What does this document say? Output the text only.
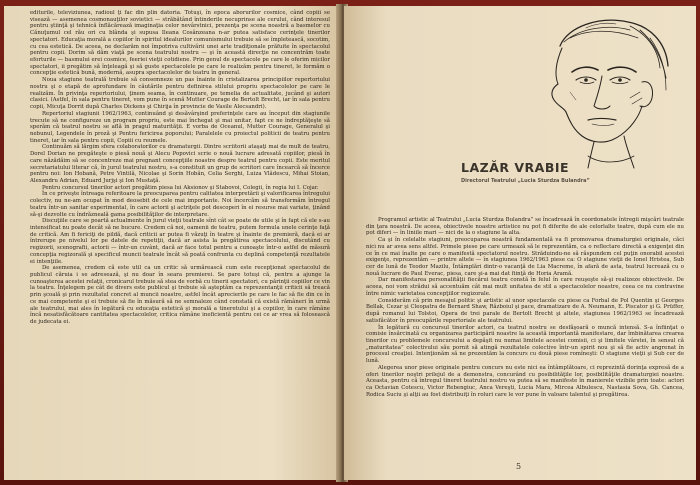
editurile, televiziunea, radioul ţi fac din plin datoria. Totuşi, în epoca aborurilor cosmice, când copiii se visează — asemenea cosmonauţilor sovietici — străbătând întinderile necuprinse ale cerului, când interesul pentru ştiinţă şi tehnică înflăcărează imaginaţia celor nevârstnici, prezenţa pe scena noastră a basmelor cu Cănuţumul cel rău ori cu blânda şi supusa Ileana Cosânzeana n-ar putea satisface cerinţele tinerilor spectatori. Educaţia morală a copiilor în spiritul idealurilor comunismului trebuie să se împletească, socotim, cu cea estetică. De aceea, ne declarăm noi împotriva cultivării unei arte tradiţionale prăfuite în spectacolul pentru copii. Dorim să dăm viaţă pe scena teatrului nostru — şi în această direcţie ne concentrăm toate eforturile — basmului erei cosmice, feeriei vieţii cotidiene. Prin genul de spectacole pe care le oferim micilor spectatori, ii pregătim să înţeleagă şi să guste spectacolele pe care le realizăm pentru tineret, le formăm o concepţie estetică bună, modernă, asupra spectacolelor de teatru în general.

Noua stagiune teatrală trebuie să consemneze un pas înainte în cristalizarea principiilor repertoriului nostru şi o etapă de aprofundare în căutările pentru definirea stilului propriu spectacolelor pe care le realizăm. În privinţa repertoriului, ţinem seama, în continuare, pe temelia de actualitate, jucând şi autori clasici. (Astfel, în sala pentru tineret, vom pune în scenă Mutter Courage de Bertolt Brecht, iar în sala pentru copii, Micuţa Dorrit după Charles Dickens şi Chirija în provincie de Vasile Alecsandri).

Repertoriul stagiunii 1962/1963, continuând şi desăvârşind preferinţele care au început din stagiunile trecute să ne configureze un program propriu, este mai închegat şi mai unitar, fapt ce ne îndreptăţeşte să sperăm că teatrul nostru se află în pragul maturităţii. E vorba de Oceanul, Mutter Courage, Generalul şi nebunul, Legendele în proză şi Pentru fericirea poporului; Paralelele cu proiectul politicii de teatru pentru tineret, iar în sala pentru copii, Copiii cu reumele.

Continuăm să lărgim sfera colaboratorilor cu dramaturgii. Dintre scriitorii ataşaţi mai de mult de teatru, Dorel Dorian ne pregăteşte o piesă nouă şi Alecu Popovici scrie o nouă lucrare adresată copiilor, piesă în care năzădăim să se concentreze mai pregnant concepţiile noastre despre teatrul pentru copii. Este meritul secretariatului literar că, în jurul teatrului nostru, s-a constituit un grup de scriitori care încearcă să încerce pentru noi: Ion Hobană, Petre Vintilă, Nicolae şi Sorin Hobăn, Celia Serghi, Luiza Vlădescu, Mihai Stoian, Alexandru Adrian, Eduard Jurjşi şi Ion Mustaţă.

Pentru concursul tinerilor actori pregătim piesa lui Aksionov şi Stabovoi, Colegii, în regia lui I. Cojar.

În ce priveşte întreaga referitoare la preocuparea pentru calitatea interpretării şi valorificarea întregului colectiv, nu ne-am ocupat în mod deosebit de cele mai importante. Noi încercăm să transformăm întregul teatru într-un sanitar experimental, în care actorii şi actriţele pot descoperi în ei resurse mai variate, ţinând să-şi dezvolte cu îndrăzneală gama posibilităţilor de interpretare.

Discuţiile care se poartă actualmente în jurul vieţii teatrale sînt cât se poate de utile şi în fapt că ele s-au intensificat nu poate decât să ne bucure. Credem că noi, oamenii de teatru, putem formula unele cerinţe faţă de critică. Am fi fericiţi de pildă, dacă criticii ar putea fi văzuţi în teatre şi înainte de premieră, dacă ei ar întrerupe pe nivelul lor pe datele de repetiţii, dacă ar asista la pregătirea spectacolului, discutând cu regizorii, scenografii, actorii — într-un cuvânt, dacă ar face totul pentru a cunoaşte într-o astfel de măsură concepţia regizorală şi specificul muncii teatrale încât să poată confrunta cu deplină competenţă rezultatele ei intenţiile.

De asemenea, credem că este util ca un critic să urmărească cum este recepţionat spectacolul de publicul căruia i se adresează, şi nu doar în seara premierei. Se pare totuşi că, pentru a ajunge la cunoaşterea acestei relaţii, cronicarul trebuie să stea de vorbă cu tinerii spectatori, cu părinţii copiilor ce vin la teatru. Înţelegem pe cât de divers este publicul şi trebuie să aşteptăm ca reprezentanţii criticii să treacă prin şcoală şi prin rezultatul concret al muncii noastre, astfel încât aprecierile pe care le fac să fie din ce în ce mai competente şi ei trebuie să fie în măsură să ne semnaleze când constată că există rămâneri în urmă ale teatrului, mai ales în legătură cu educaţia estetică şi morală a tineretului şi a copiilor, în care rămâne încă nesatisfăcătoare cantitatea spectacolelor, critica rămâne ineficientă pentru cei ce ar vrea să folosească de judecata ei.

LAZĂR VRABIE
Directorul Teatrului „Lucia Sturdza Bulandra”

Programul artistic al Teatrului „Lucia Sturdza Bulandra” se încadrează în coordonatele întregii mişcări teatrale din ţara noastră. De aceea, obiectivele noastre artistice nu pot fi diferite de ale celorlalte teatre, după cum ele nu pot diferi — în liniile mari — nici de la o stagiune la alta.

Ca şi în celelalte stagiuni, preocuparea noastră fundamentală va fi promovarea dramaturgiei originale, căci nici nu ar avea sens altfel. Primele piese pe care urmează să le reprezentăm, ca o reflectare directă a exigenţei din ce în ce mai înalte pe care o manifestă spectatorul nostru. Străduindu-ne să răspundem cel puţin onorabil acestei exigenţe, reprezentăm — printre altele — în stagiunea 1962/1963 piese ca: O stagiune vieţii de Ionel Hristea, Sub cer de lună de Teodor Mazilu, Întâmplări dintr-o vacanţă de Lia Macreme, în afară de asta, teatrul lucrează cu o nouă lucrare de Paul Everac, piesa, care şi-a mai dat fiinţă de Horia Aramă.

Dar manifestarea personalităţii fiecărui teatru constă în felul în care reuşeşte să-şi realizeze obiectivele. De aceea, noi vom strădui să accentuăm cât mai mult unitatea de stil a spectacolelor noastre, ceea ce nu contravine între nimic varietatea concepţiilor regizorale.

Considerăm că prin mesajul politic şi artistic al unor spectacole cu piese ca Forbal de Pol Quentin şi Georges Bellak, Cezar şi Cleopatra de Bernard Shaw, Războiul şi pace, dramatizare de A. Neumann, E. Piscator şi G. Prüffer, după romanul lui Tolstoi, Opera de trei parale de Bertolt Brecht şi altele, stagiunea 1962/1963 se încadrează satisfăcător în preocupările repertoriale ale teatrului.

În legătură cu concursul tinerilor actori, ca teatrul nostru se desfăşoară o muncă intensă. S-a înfiinţat o comisie însărcinată cu organizarea participării noastre la această importantă manifestare, dar îmbinătarea crearea tinerilor cu problemele concursului a depăşit nu numai limitele acestei comisii, ci şi limitele vârstei, în sensul că „maturitatea” colectivului său pornit să atingă rezultatele colective într-un spirit nou şi să fie activ angrenat în procesul creaţiei. Intenţionăm să ne prezentăm la concurs cu două piese romîneşti: O stagiune vieţii şi Sub cer de lună.

Alegerea unor piese originale pentru concurs nu este nici ea întâmplătoare, ci reprezintă dorinţa expresă de a oferi tinerilor noştri prilejul de a demonstra, concurând cu posibilităţile lor, posibilităţile dramaturgiei noastre. Aceasta, pentru că întregul tineret teatrului nostru va putea să se manifeste în manierele vizibile prin toate: actori ca Octavian Cotescu, Victor Rebengiuc, Anca Vereşti, Lucia Mara, Mircea Albulescu, Nastasia Sova, Gh. Cancea, Rodica Suciu şi alţii au fost distribuiţi în roluri care le vor pune în valoare talentul şi pregătirea.

5
